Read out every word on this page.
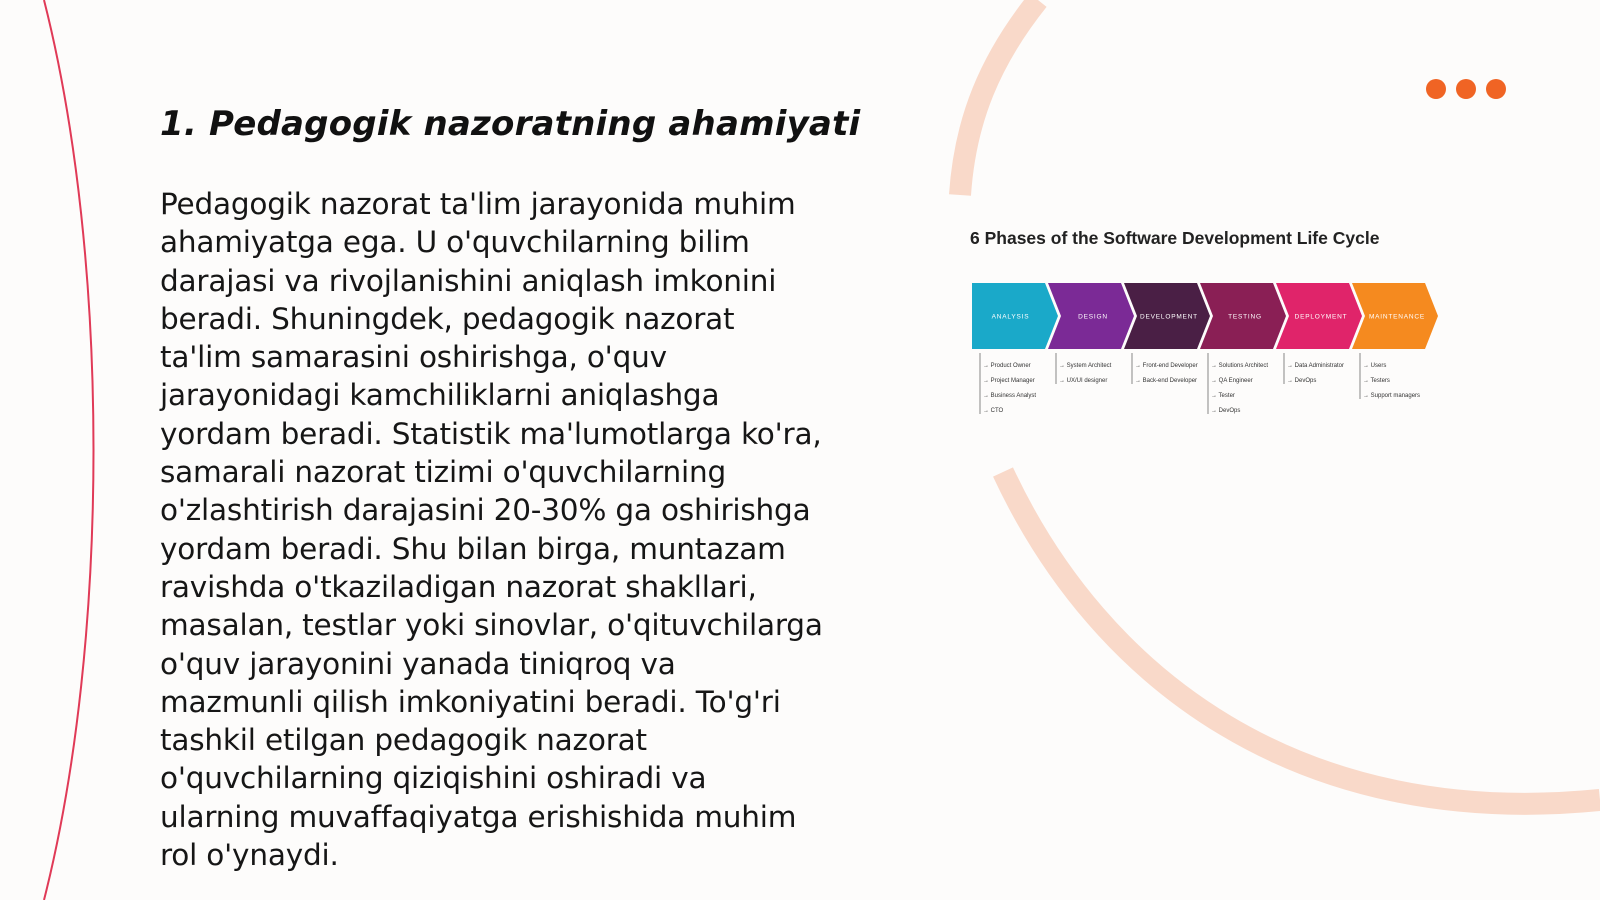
1. Pedagogik nazoratning ahamiyati
Pedagogik nazorat ta'lim jarayonida muhim
ahamiyatga ega. U o'quvchilarning bilim
darajasi va rivojlanishini aniqlash imkonini
beradi. Shuningdek, pedagogik nazorat
ta'lim samarasini oshirishga, o'quv
jarayonidagi kamchiliklarni aniqlashga
yordam beradi. Statistik ma'lumotlarga ko'ra,
samarali nazorat tizimi o'quvchilarning
o'zlashtirish darajasini 20-30% ga oshirishga
yordam beradi. Shu bilan birga, muntazam
ravishda o'tkaziladigan nazorat shakllari,
masalan, testlar yoki sinovlar, o'qituvchilarga
o'quv jarayonini yanada tiniqroq va
mazmunli qilish imkoniyatini beradi. To'g'ri
tashkil etilgan pedagogik nazorat
o'quvchilarning qiziqishini oshiradi va
ularning muvaffaqiyatga erishishida muhim
rol o'ynaydi.

6 Phases of the Software Development Life Cycle

ANALYSIS
→ Product Owner
→ Project Manager
→ Business Analyst
→ CTO
DESIGN
→ System Architect
→ UX/UI designer
DEVELOPMENT
→ Front-end Developer
→ Back-end Developer
TESTING
→ Solutions Architect
→ QA Engineer
→ Tester
→ DevOps
DEPLOYMENT
→ Data Administrator
→ DevOps
MAINTENANCE
→ Users
→ Testers
→ Support managers
